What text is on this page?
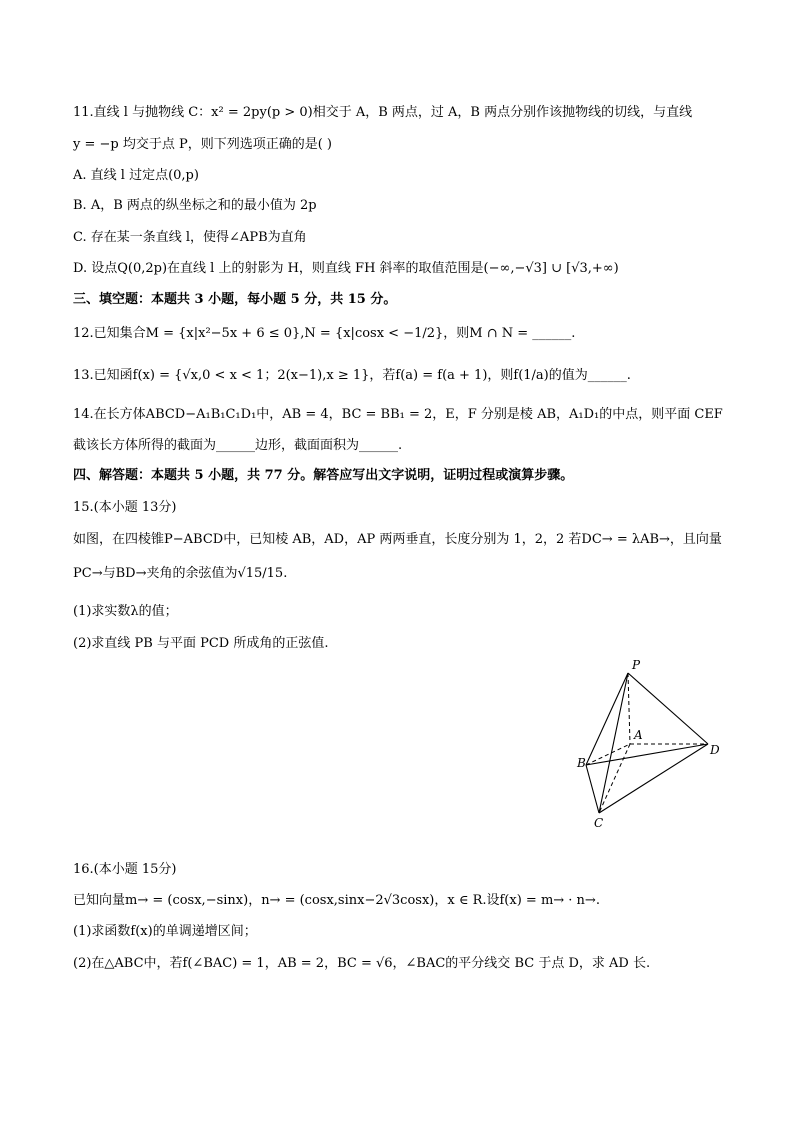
11.直线 l 与抛物线 C：x² = 2py(p > 0)相交于 A，B 两点，过 A，B 两点分别作该抛物线的切线，与直线
y = −p 均交于点 P，则下列选项正确的是( )
A. 直线 l 过定点(0,p)
B. A，B 两点的纵坐标之和的最小值为 2p
C. 存在某一条直线 l，使得∠APB为直角
D. 设点Q(0,2p)在直线 l 上的射影为 H，则直线 FH 斜率的取值范围是(−∞,−√3] ∪ [√3,+∞)
三、填空题：本题共 3 小题，每小题 5 分，共 15 分。
12.已知集合M = {x|x²−5x + 6 ≤ 0},N = {x|cosx < −1/2}，则M ∩ N = ______.
13.已知函f(x) = {√x,0 < x < 1；2(x−1),x ≥ 1}，若f(a) = f(a + 1)，则f(1/a)的值为______.
14.在长方体ABCD−A₁B₁C₁D₁中，AB = 4，BC = BB₁ = 2，E，F 分别是棱 AB，A₁D₁的中点，则平面 CEF
截该长方体所得的截面为______边形，截面面积为______.
四、解答题：本题共 5 小题，共 77 分。解答应写出文字说明，证明过程或演算步骤。
15.(本小题 13分)
如图，在四棱锥P−ABCD中，已知棱 AB，AD，AP 两两垂直，长度分别为 1，2，2 若DC→ = λAB→，且向量
PC→与BD→夹角的余弦值为√15/15.
(1)求实数λ的值；
(2)求直线 PB 与平面 PCD 所成角的正弦值.
P
A
B
C
D
16.(本小题 15分)
已知向量m→ = (cosx,−sinx)，n→ = (cosx,sinx−2√3cosx)，x ∈ R.设f(x) = m→ · n→.
(1)求函数f(x)的单调递增区间；
(2)在△ABC中，若f(∠BAC) = 1，AB = 2，BC = √6，∠BAC的平分线交 BC 于点 D，求 AD 长.
